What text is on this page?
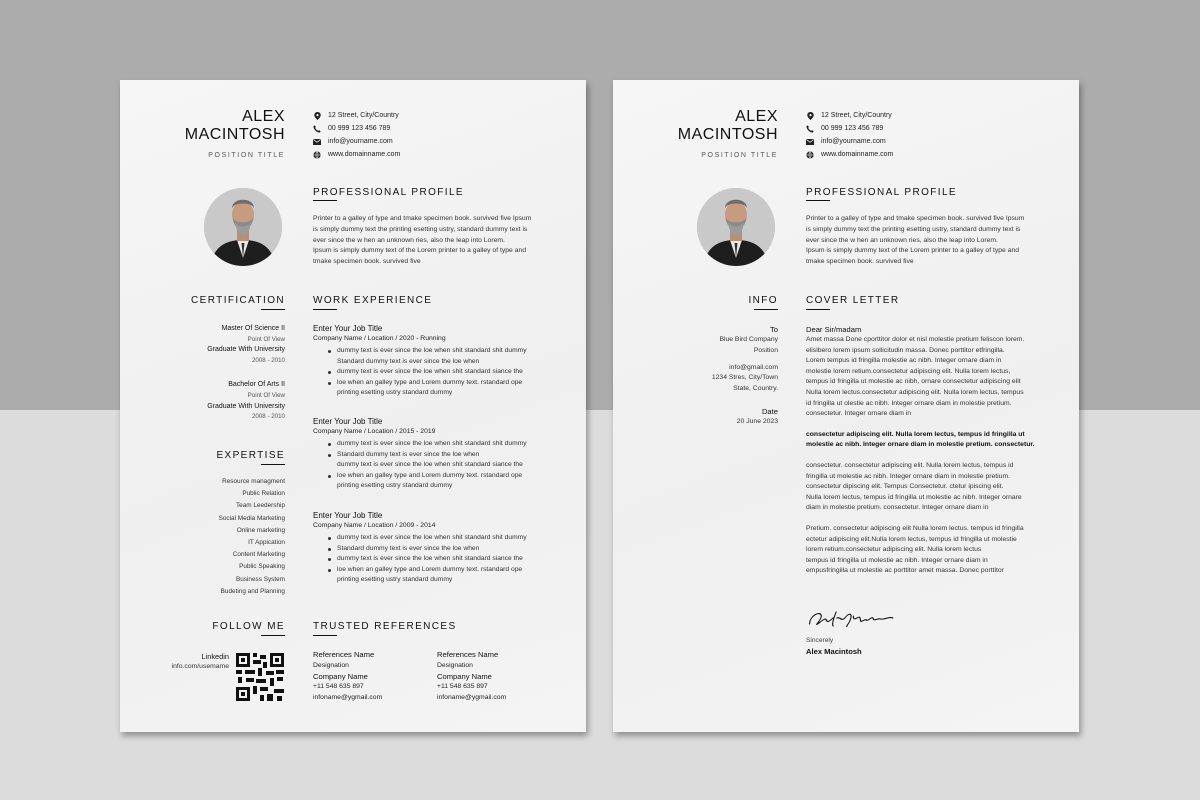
ALEX
MACINTOSH
POSITION TITLE
12 Street, City/Country
00 999 123 456 789
info@yourname.com
www.domainname.com
PROFESSIONAL PROFILE
Printer to a galley of type and tmake specimen book. survived five Ipsum
is simply dummy text the printing esetting ustry, standard dummy text is
ever since the w hen an unknown ries, also the leap into Lorem.
Ipsum is simply dummy text of the Lorem printer to a galley of type and
tmake specimen book. survived five
CERTIFICATION
Master Of Science II
Point Of View
Graduate With University
2008 - 2010
Bachelor Of Arts II
Point Of View
Graduate With University
2008 - 2010
EXPERTISE
Resource managment
Public Relation
Team Leedership
Social Media Marketing
Online marketing
IT Appication
Content Marketing
Public Speaking
Business System
Budeting and Planning
WORK EXPERIENCE
Enter Your Job Title
Company Name / Location / 2020 - Running
dummy text is ever since the loe when shit standard shit dummy
Standard dummy text is ever since the loe when
dummy text is ever since the loe when shit standard siance the
loe when an galley type and Lorem dummy text. rstandard ope
printing esetting ustry standard dummy
Enter Your Job Title
Company Name / Location / 2015 - 2019
dummy text is ever since the loe when shit standard shit dummy
Standard dummy text is ever since the loe when
dummy text is ever since the loe when shit standard siance the
loe when an galley type and Lorem dummy text. rstandard ope
printing esetting ustry standard dummy
Enter Your Job Title
Company Name / Location / 2009 - 2014
dummy text is ever since the loe when shit standard shit dummy
Standard dummy text is ever since the loe when
dummy text is ever since the loe when shit standard siance the
loe when an galley type and Lorem dummy text. rstandard ope
printing esetting ustry standard dummy
FOLLOW ME
Linkedin
info.com/usemame
TRUSTED REFERENCES
References Name
Designation
Company Name
+11 548 635 897
infoname@ygmail.com
References Name
Designation
Company Name
+11 548 635 897
infoname@ygmail.com
ALEX
MACINTOSH
POSITION TITLE
12 Street, City/Country
00 999 123 456 789
info@yourname.com
www.domainname.com
PROFESSIONAL PROFILE
Printer to a galley of type and tmake specimen book. survived five Ipsum
is simply dummy text the printing esetting ustry, standard dummy text is
ever since the w hen an unknown ries, also the leap into Lorem.
Ipsum is simply dummy text of the Lorem printer to a galley of type and
tmake specimen book. survived five
INFO
To
Blue Bird Company
Position
info@gmail.com
1234 Stres, City/Town
State, Country.
Date
20 June 2023
COVER LETTER
Dear Sir/madam
Amet massa Done cporttitor dolor et nisl molestie pretium feliscon lorem.
elislbero lorem ipsum sollicitudin massa. Donec porttitor etfringilla.
Lorem tempus id fringilla molestie ac nibh. Integer ornare diam in
molestie lorem retium.consectetur adipiscing elit. Nulla lorem lectus,
tempus id fringilla ut molestie ac nibh, ornare consectetur adipiscing elit
Nulla lorem lectus.consectetur adipiscing elit. Nulla lorem lectus, tempus
id fringilla ut olestie ac nibh. Integer ornare diam in molestie pretium.
consectetur. Integer ornare diam in
consectetur adipiscing elit. Nulla lorem lectus, tempus id fringilla ut
molestie ac nibh. Integer ornare diam in molestie pretium. consectetur.
consectetur. consectetur adipiscing elit. Nulla lorem lectus, tempus id
fringilla ut molestie ac nibh. Integer ornare diam in molestie pretium.
consectetur dipiscing elit. Tempus Consectetur. ctetur ipiscing elit.
Nulla lorem lectus, tempus id fringilla ut molestie ac nibh. Integer ornare
diam in molestie pretium. consectetur. Integer ornare diam in
Pretium. consectetur adipiscing elit Nulla lorem lectus. tempus id fringilla
ectetur adipiscing elit.Nulla lorem lectus, tempus id fringilla ut molestie
lorem retium.consectetur adipiscing elit. Nulla lorem lectus
tempus id fringilla ut molestie ac nibh. Integer ornare diam in
empusfringilla ut molestie ac porttitor amet massa. Donec porttitor
Sincerely
Alex Macintosh
